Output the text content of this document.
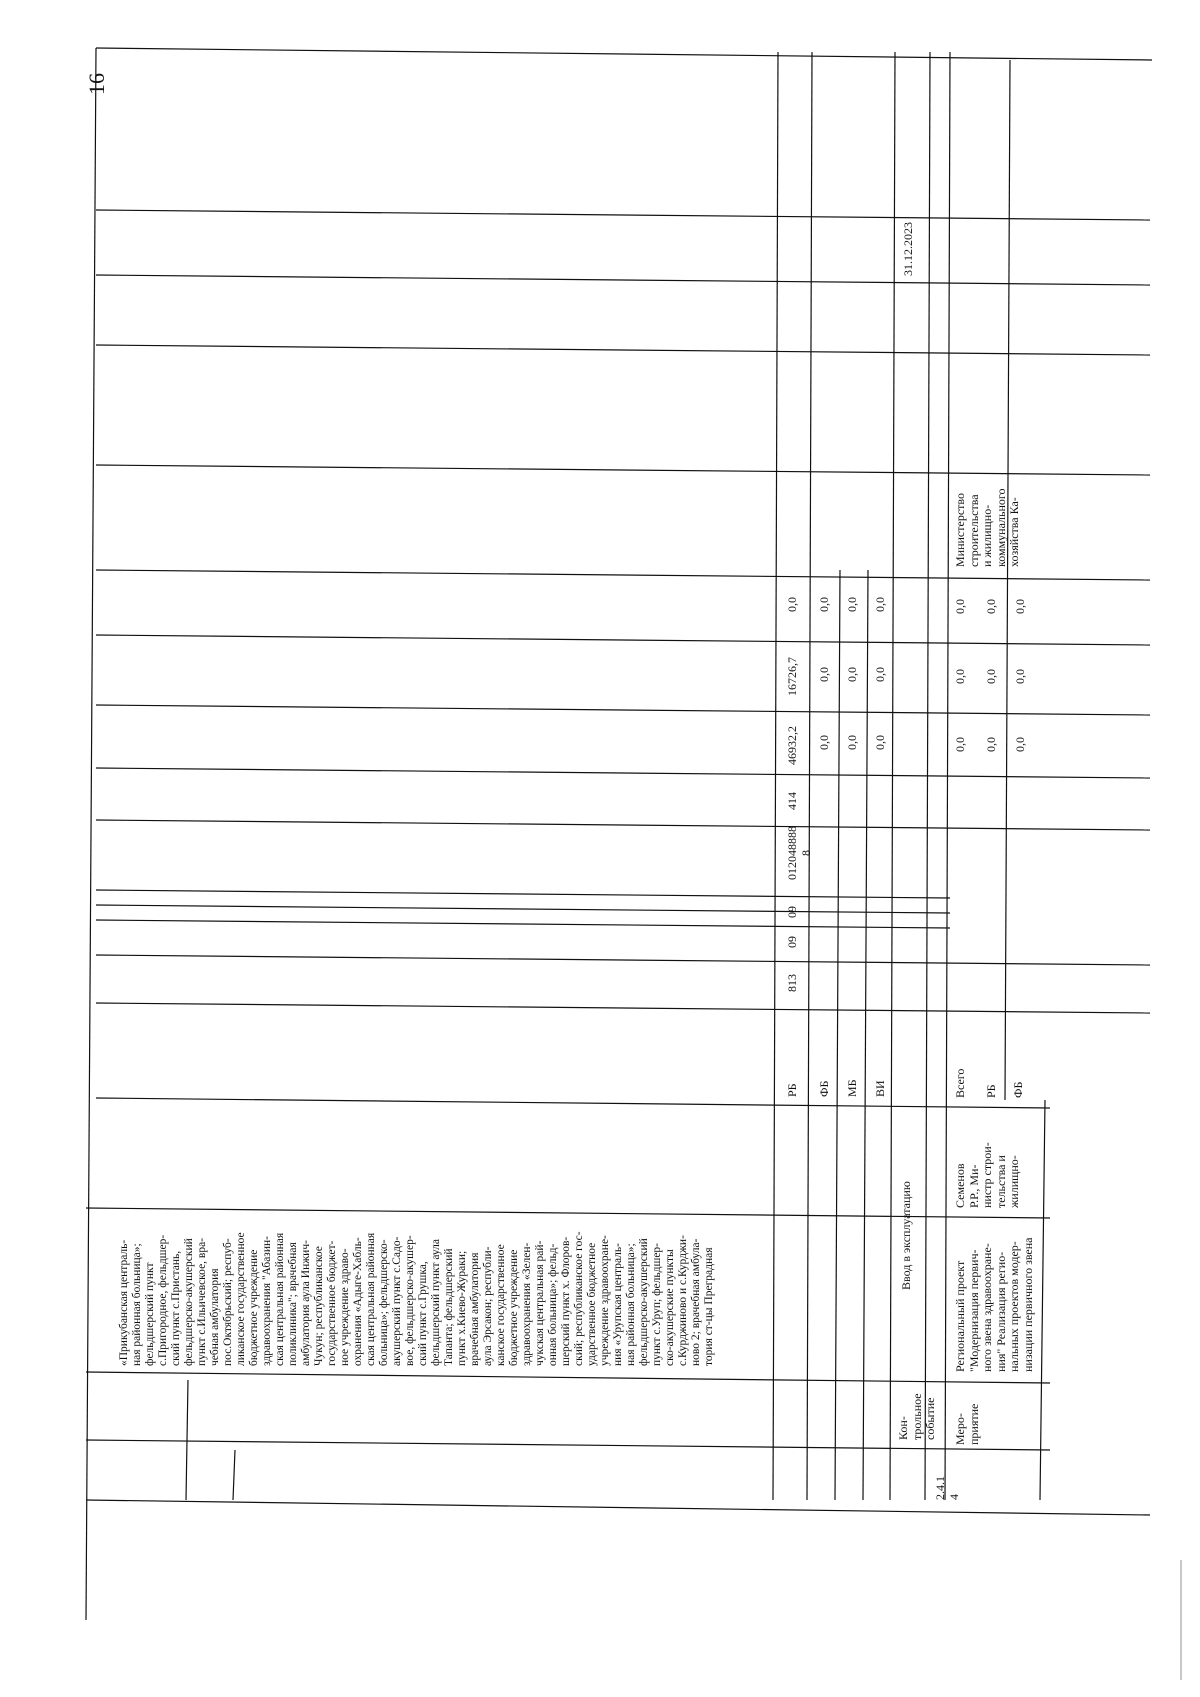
16

«Прикубанская централь- ная районная больница»; фельдшерский пункт с.Пригородное, фельдшер- ский пункт с.Пристань, фельдшерско-акушерский пункт с.Ильичевское, вра- чебная амбулатория пос.Октябрьский; респуб- ликанское государственное бюджетное учреждение здравоохранения "Абазин- ская центральная районная поликлиника"; врачебная амбулатория аула Инжич- Чукун; республиканское государственное бюджет- ное учреждение здраво- охранения «Адыге-Хабль- ская центральная районная больница»; фельдшерско- акушерский пункт с.Садо- вое, фельдшерско-акушер- ский пункт с.Грушка, фельдшерский пункт аула Тапанта; фельдшерский пункт х.Киево-Жураки; врачебная амбулатория аула Эрсакон; республи- канское государственное бюджетное учреждение здравоохранения «Зелен- чукская центральная рай- онная больница»; фельд- шерский пункт х. Флоров- ский; республиканское гос- ударственное бюджетное учреждение здравоохране- ния «Урупская централь- ная районная больница»; фельдшерско-акушерский пункт с.Уруп; фельдшер- ско-акушерские пункты с.Курджиново и с.Курджи- ново 2; врачебная амбула- тория ст-цы Преградная

РБ ФБ МБ ВИ
813
09
09
012048888
8
414
46932,2
16726,7
0,0
0,0
0,0
0,0
0,0
0,0
0,0
0,0
0,0
0,0
Кон-
трольное
событие
Ввод в эксплуатацию
31.12.2023
2.4.1
4
Меро-
приятие
Региональный проект
"Модернизация первич-
ного звена здравоохране-
ния" Реализация регио-
нальных проектов модер-
низации первичного звена
Семенов
Р.Р., Ми-
нистр строи-
тельства и
жилищно-
Всего РБ ФБ
0,0
0,0
0,0
0,0
0,0
0,0
0,0
0,0
0,0
Министерство
строительства
и жилищно-
коммунального
хозяйства Ка-
